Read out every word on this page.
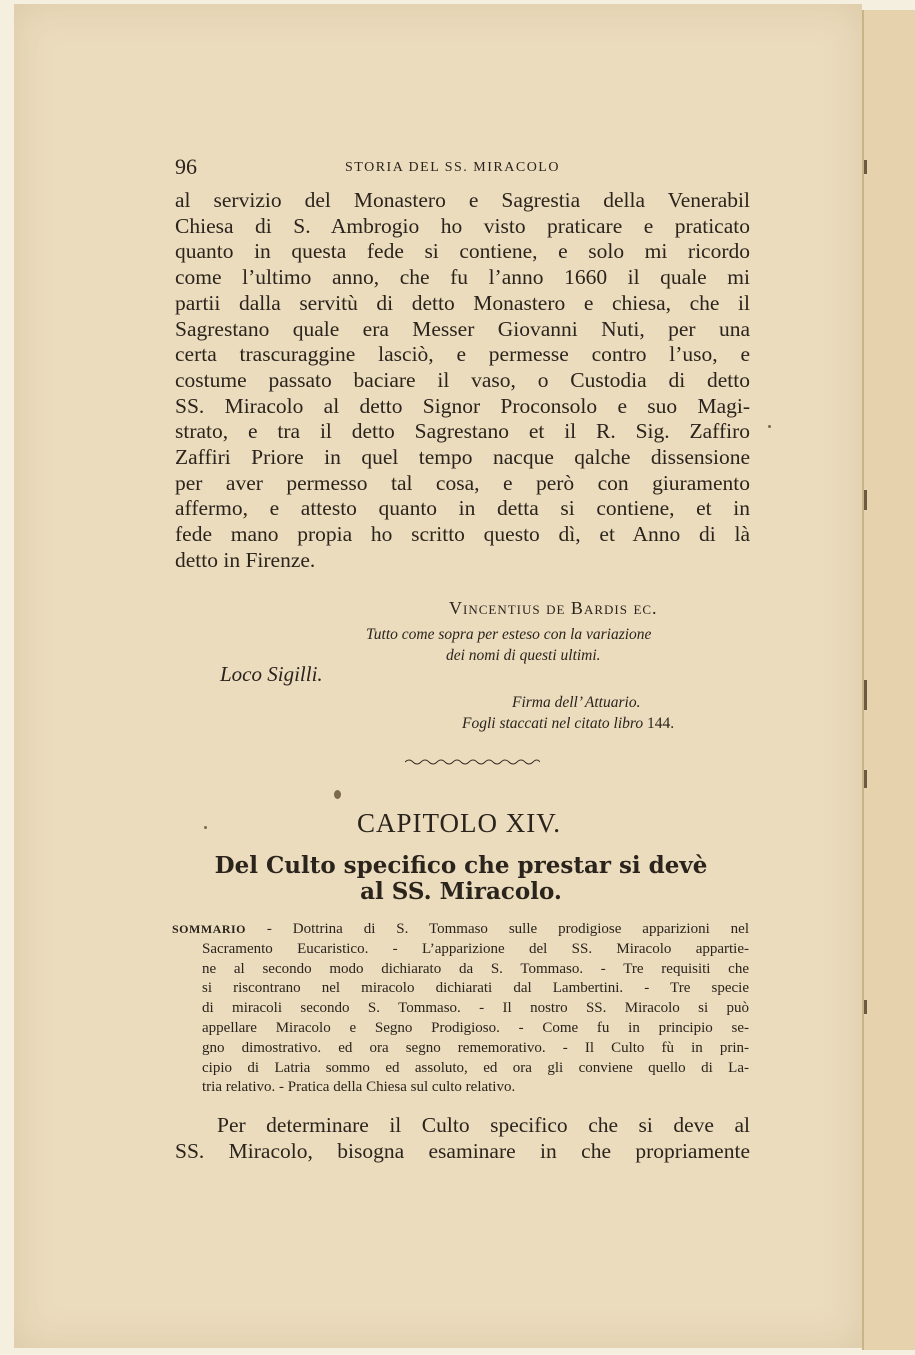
96	STORIA DEL SS. MIRACOLO
al servizio del Monastero e Sagrestia della Venerabil
Chiesa di S. Ambrogio ho visto praticare e praticato
quanto in questa fede si contiene, e solo mi ricordo
come l’ultimo anno, che fu l’anno 1660 il quale mi
partii dalla servitù di detto Monastero e chiesa, che il
Sagrestano quale era Messer Giovanni Nuti, per una
certa trascuraggine lasciò, e permesse contro l’uso, e
costume passato baciare il vaso, o Custodia di detto
SS. Miracolo al detto Signor Proconsolo e suo Magi-
strato, e tra il detto Sagrestano et il R. Sig. Zaffiro
Zaffiri Priore in quel tempo nacque qalche dissensione
per aver permesso tal cosa, e però con giuramento
affermo, e attesto quanto in detta si contiene, et in
fede mano propia ho scritto questo dì, et Anno di là
detto in Firenze.
Vincentius de Bardis ec.
Tutto come sopra per esteso con la variazione
dei nomi di questi ultimi.
Loco Sigilli.
Firma dell’ Attuario.
Fogli staccati nel citato libro 144.
CAPITOLO XIV.
Del Culto specifico che prestar si devè
al SS. Miracolo.
SOMMARIO - Dottrina di S. Tommaso sulle prodigiose apparizioni nel
Sacramento Eucaristico. - L’apparizione del SS. Miracolo appartie-
ne al secondo modo dichiarato da S. Tommaso. - Tre requisiti che
si riscontrano nel miracolo dichiarati dal Lambertini. - Tre specie
di miracoli secondo S. Tommaso. - Il nostro SS. Miracolo si può
appellare Miracolo e Segno Prodigioso. - Come fu in principio se-
gno dimostrativo. ed ora segno rememorativo. - Il Culto fù in prin-
cipio di Latria sommo ed assoluto, ed ora gli conviene quello di La-
tria relativo. - Pratica della Chiesa sul culto relativo.
Per determinare il Culto specifico che si deve al
SS. Miracolo, bisogna esaminare in che propriamente
